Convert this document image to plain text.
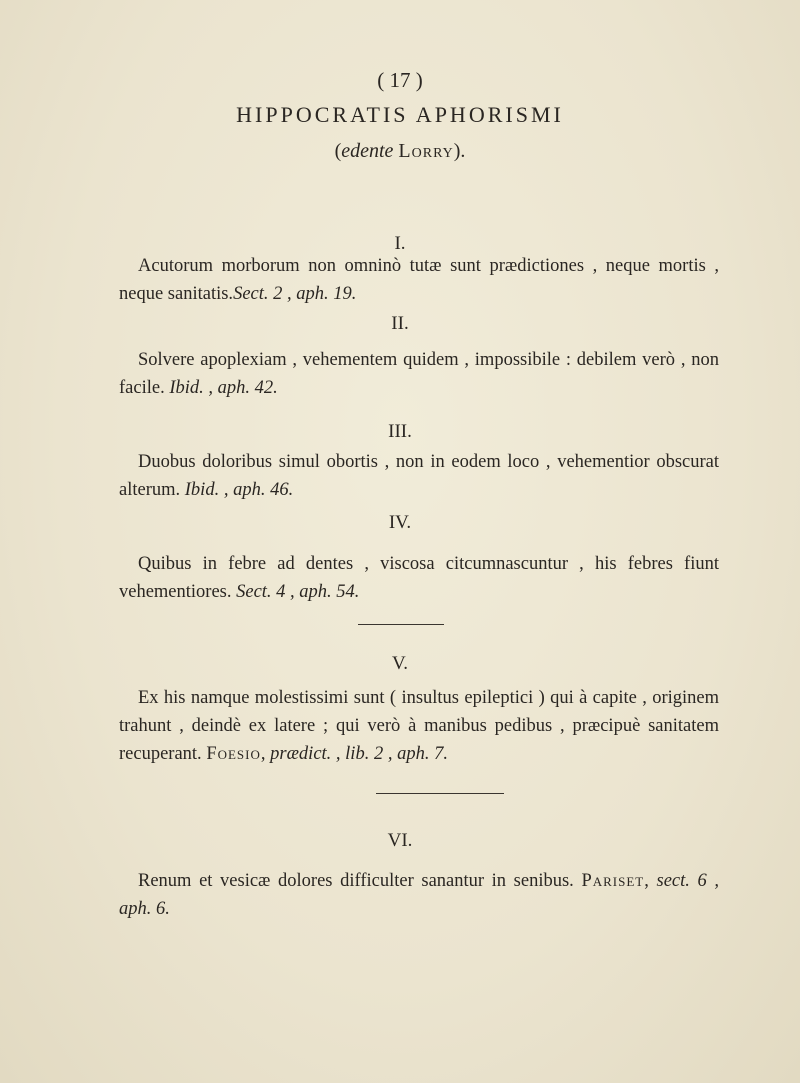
( 17 )
HIPPOCRATIS APHORISMI
(edente Lorry).
I.
Acutorum morborum non omninò tutæ sunt prædictiones , neque mortis , neque sanitatis.Sect. 2 , aph. 19.
II.
Solvere apoplexiam , vehementem quidem , impossibile : debilem verò , non facile. Ibid. , aph. 42.
III.
Duobus doloribus simul obortis , non in eodem loco , vehementior obscurat alterum. Ibid. , aph. 46.
IV.
Quibus in febre ad dentes , viscosa citcumnascuntur , his febres fiunt vehementiores. Sect. 4 , aph. 54.
V.
Ex his namque molestissimi sunt ( insultus epileptici ) qui à capite , originem trahunt , deindè ex latere ; qui verò à manibus pedibus , præcipuè sanitatem recuperant. Foesio, prædict. , lib. 2 , aph. 7.
VI.
Renum et vesicæ dolores difficulter sanantur in senibus. Pariset, sect. 6 , aph. 6.
